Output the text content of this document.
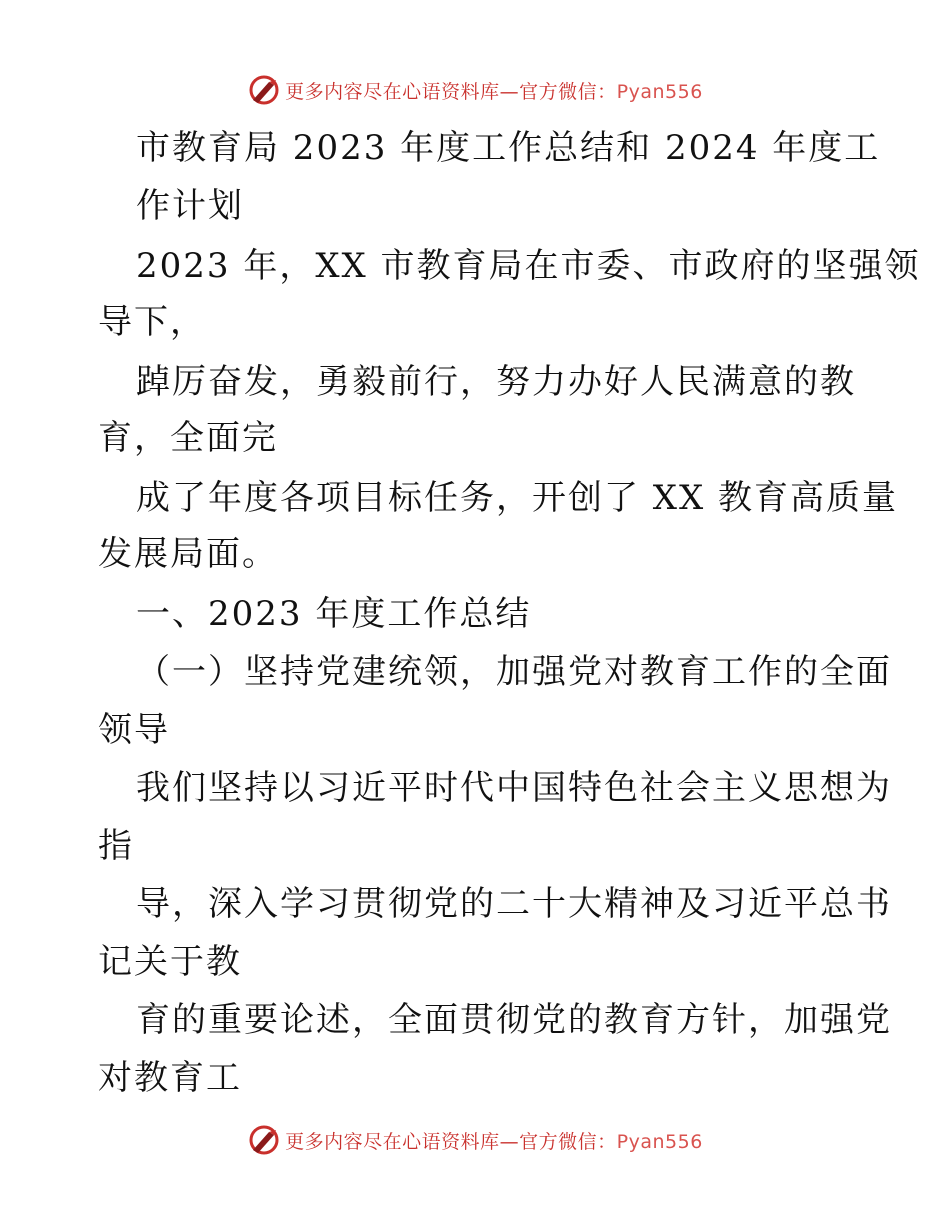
更多内容尽在心语资料库—官方微信：Pyan556
市教育局 2023 年度工作总结和 2024 年度工
作计划
2023 年，XX 市教育局在市委、市政府的坚强领
导下，
踔厉奋发，勇毅前行，努力办好人民满意的教
育，全面完
成了年度各项目标任务，开创了 XX 教育高质量
发展局面。
一、2023 年度工作总结
（一）坚持党建统领，加强党对教育工作的全面
领导
我们坚持以习近平时代中国特色社会主义思想为
指
导，深入学习贯彻党的二十大精神及习近平总书
记关于教
育的重要论述，全面贯彻党的教育方针，加强党
对教育工
更多内容尽在心语资料库—官方微信：Pyan556
